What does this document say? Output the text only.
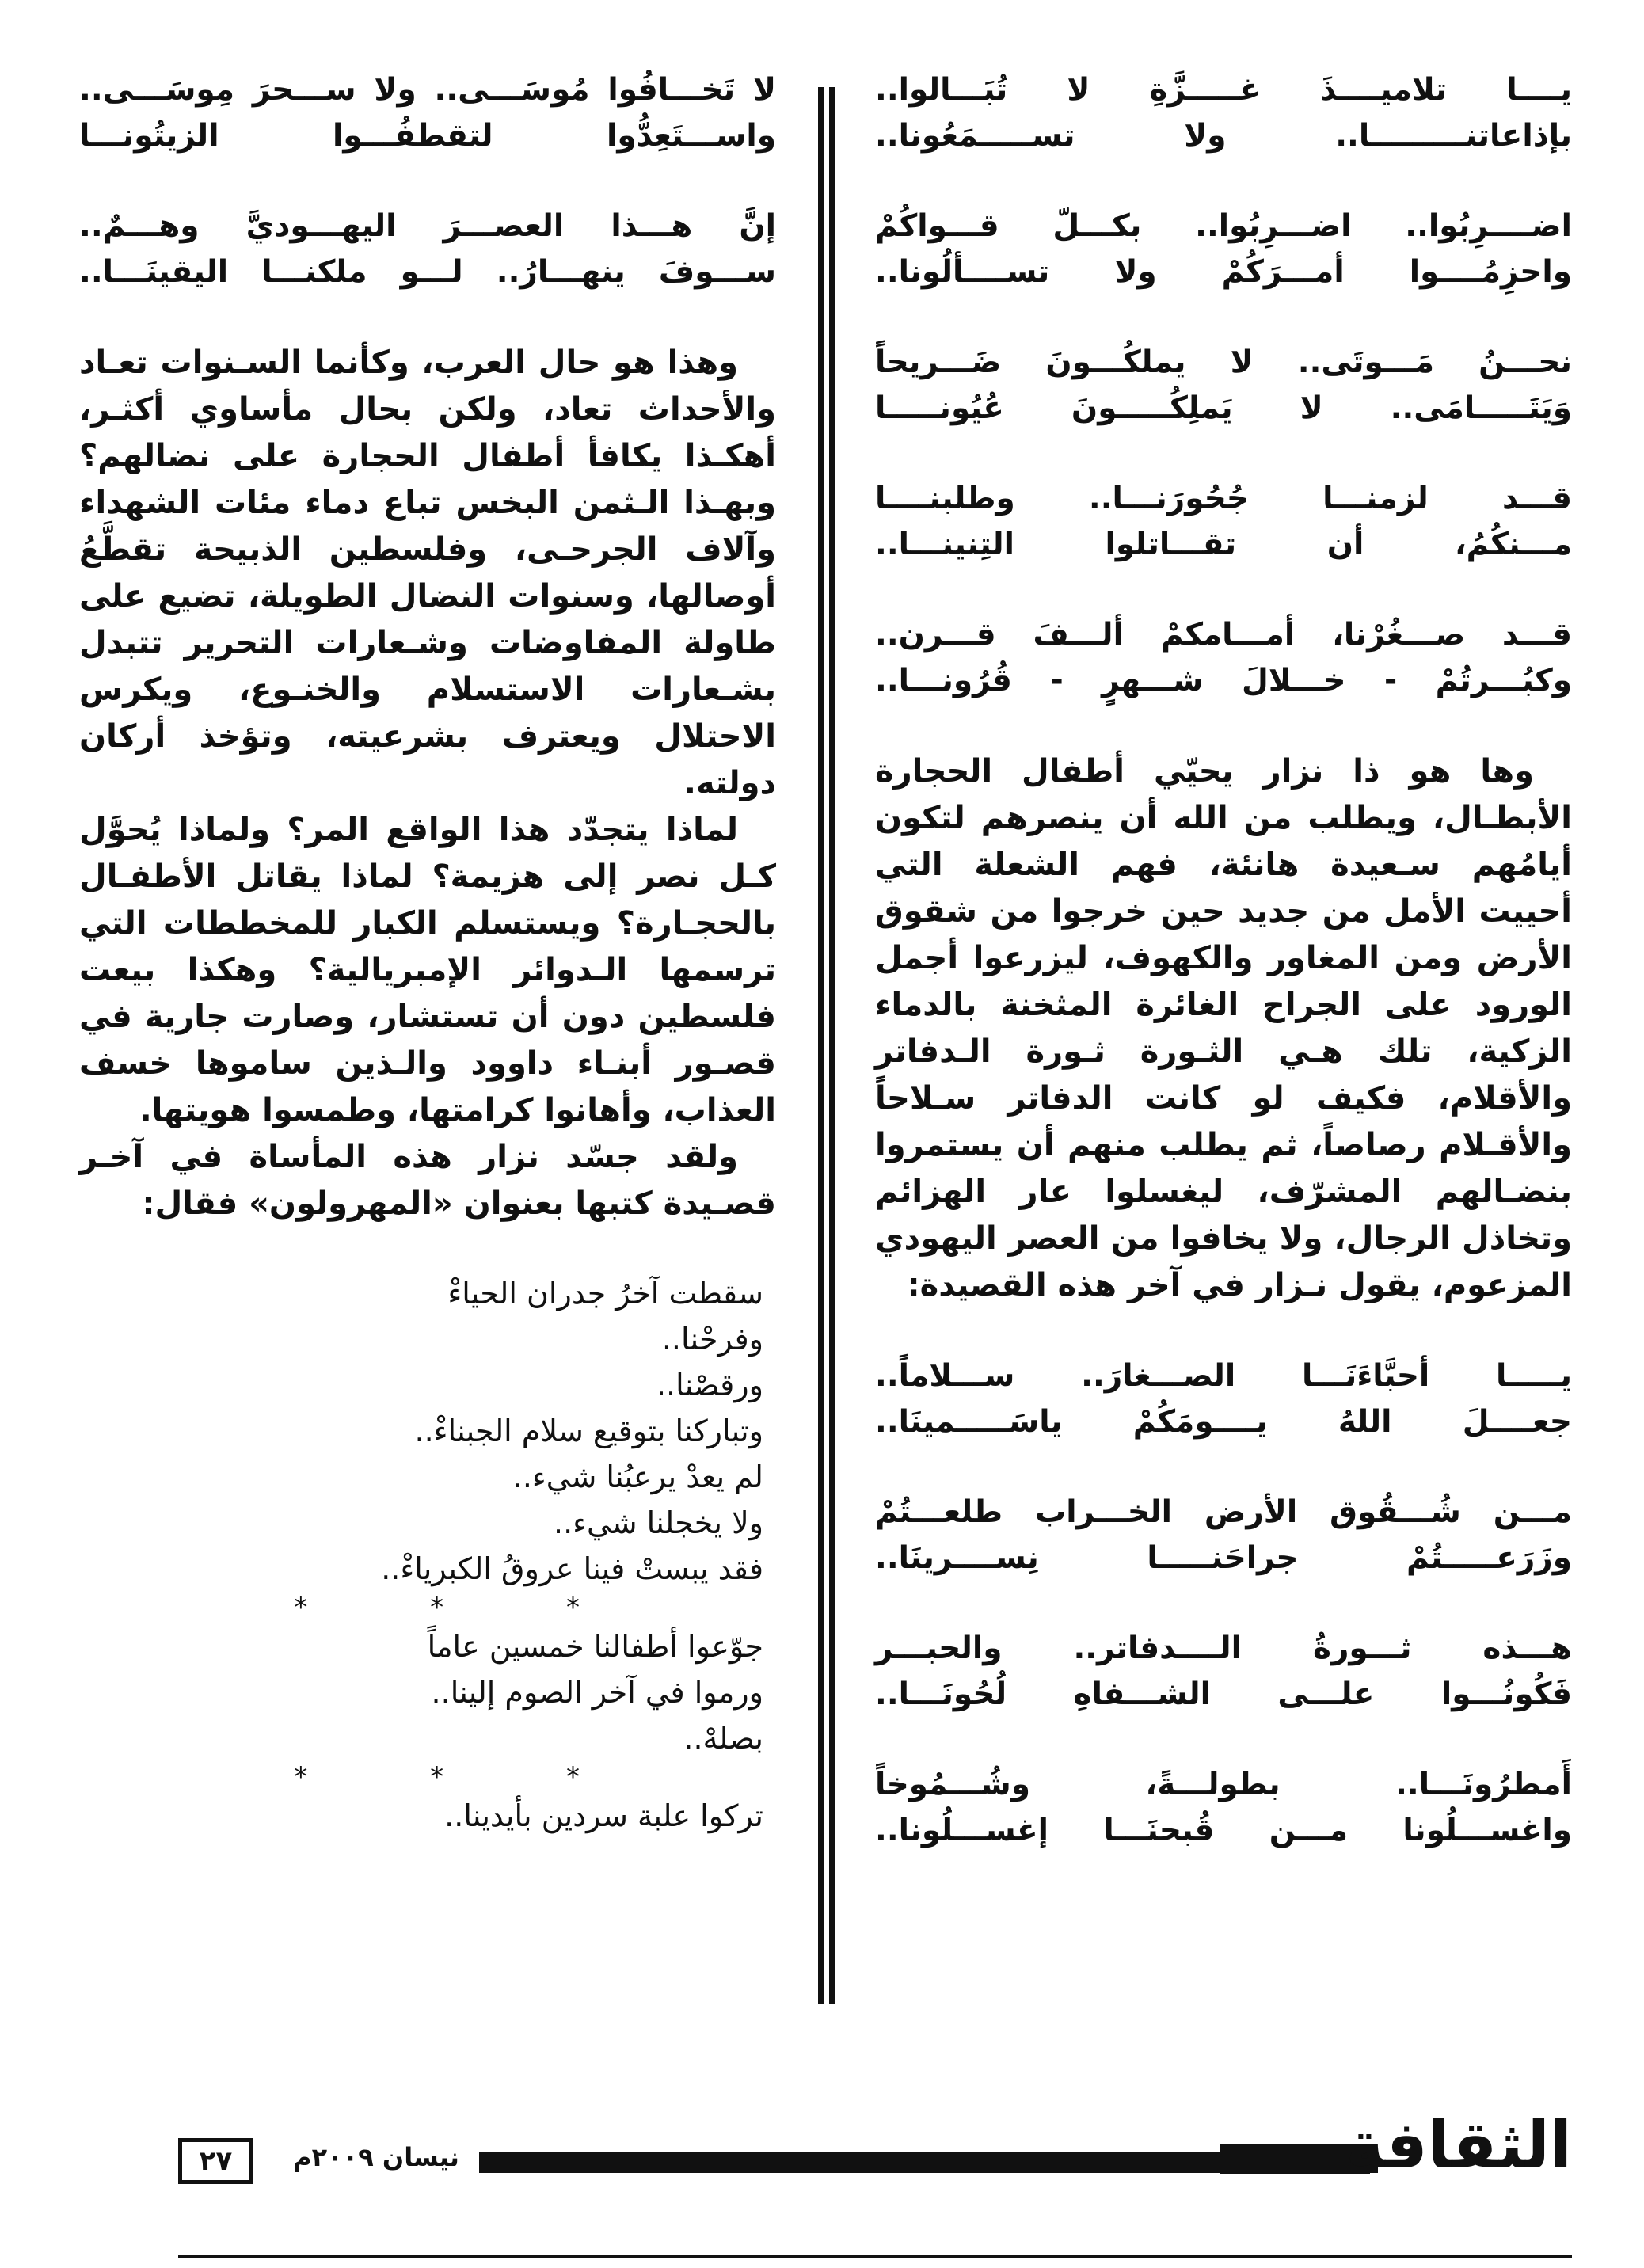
يــــا تلاميــــذَ غـــــزَّةِ لا تُبَـــالوا..
بإذاعاتنـــــــــا.. ولا تســـــمَعُونا..
اضــــرِبُوا.. اضـــرِبُوا.. بكـــلّ قـــواكُمْ
واحزِمُــــوا أمـــرَكُمْ ولا تســــألُونا..
نحـــنُ مَـــوتَى.. لا يملكُـــونَ ضَـــريحاً
وَيَتَـــــامَى.. لا يَملِكُـــــونَ عُيُونـــــا
قـــد لزمنـــا جُحُورَنـــا.. وطلبنــــا
مـــنكُمُ، أن تقـــاتلوا التِنينـــا..
قـــد صـــغُرْنا، أمـــامكمْ ألـــفَ قـــرن..
وكبُـــرتُمْ - خـــلالَ شـــهرٍ - قُرُونـــا..

وها هو ذا نزار يحيّي أطفال الحجارة الأبطـال، ويطلب من الله أن ينصرهم لتكون أيامُهم سـعيدة هانئة، فهم الشعلة التي أحييت الأمل من جديد حين خرجوا من شقوق الأرض ومن المغاور والكهوف، ليزرعوا أجمل الورود على الجراح الغائرة المثخنة بالدماء الزكية، تلك هـي الثـورة ثـورة الـدفاتر والأقلام، فكيف لو كانت الدفاتر سـلاحاً والأقـلام رصاصاً، ثم يطلب منهم أن يستمروا بنضـالهم المشرّف، ليغسلوا عار الهزائم وتخاذل الرجال، ولا يخافوا من العصر اليهودي المزعوم، يقول نـزار في آخر هذه القصيدة:

يـــــا أحبَّاءَنَـــا الصـــغارَ.. ســـلاماً..
جعــــلَ اللهُ يــــومَكُمْ ياسَـــــمينَا..
مـــن شُـــقُوق الأرض الخـــراب طلعـــتُمْ
وزَرَعـــــتُمْ جراحَنـــــا نِســــرينَا..
هـــذه ثـــورةُ الــــدفاتر.. والحبـــر
فَكُونُـــوا علـــى الشـــفاهِ لُحُونَـــا..
أَمطرُونَـــا.. بطولـــةً، وشُـــمُوخاً
واغســـلُونا مـــن قُبحنَـــا إغســـلُونا..
لا تَخـــافُوا مُوسَـــى.. ولا ســـحرَ مِوسَـــى..
واســـتَعِدُّوا لتقطفُـــوا الزيتُونـــا
إنَّ هـــذا العصـــرَ اليهـــوديَّ وهـــمٌ..
ســـوفَ ينهـــارُ.. لـــو ملكنـــا اليقينَـــا..

وهذا هو حال العرب، وكأنما السـنوات تعـاد والأحداث تعاد، ولكن بحال مأساوي أكثـر، أهكـذا يكافأ أطفال الحجارة على نضالهم؟ وبهـذا الـثمن البخس تباع دماء مئات الشهداء وآلاف الجرحـى، وفلسطين الذبيحة تقطَّعُ أوصالها، وسنوات النضال الطويلة، تضيع على طاولة المفاوضات وشـعارات التحرير تتبدل بشـعارات الاستسلام والخنـوع، ويكرس الاحتلال ويعترف بشرعيته، وتؤخذ أركان دولته.

لماذا يتجدّد هذا الواقع المر؟ ولماذا يُحوَّل كـل نصر إلى هزيمة؟ لماذا يقاتل الأطفـال بالحجـارة؟ ويستسلم الكبار للمخططات التي ترسمها الـدوائر الإمبريالية؟ وهكذا بيعت فلسطين دون أن تستشار، وصارت جارية في قصـور أبنـاء داوود والـذين ساموها خسف العذاب، وأهانوا كرامتها، وطمسوا هويتها.

ولقد جسّد نزار هذه المأساة في آخـر قصـيدة كتبها بعنوان «المهرولون» فقال:

سقطت آخرُ جدران الحياءْ
وفرحْنا..
ورقصْنا..
وتباركنا بتوقيع سلام الجبناءْ..
لم يعدْ يرعبُنا شيء..
ولا يخجلنا شيء..
فقد يبستْ فينا عروقُ الكبرياءْ..
* * *
جوّعوا أطفالنا خمسين عاماً
ورموا في آخر الصوم إلينا..
بصلهْ..
* * *
تركوا علبة سردين بأيدينا..
٢٧	نيسان ٢٠٠٩م	الثقافة
